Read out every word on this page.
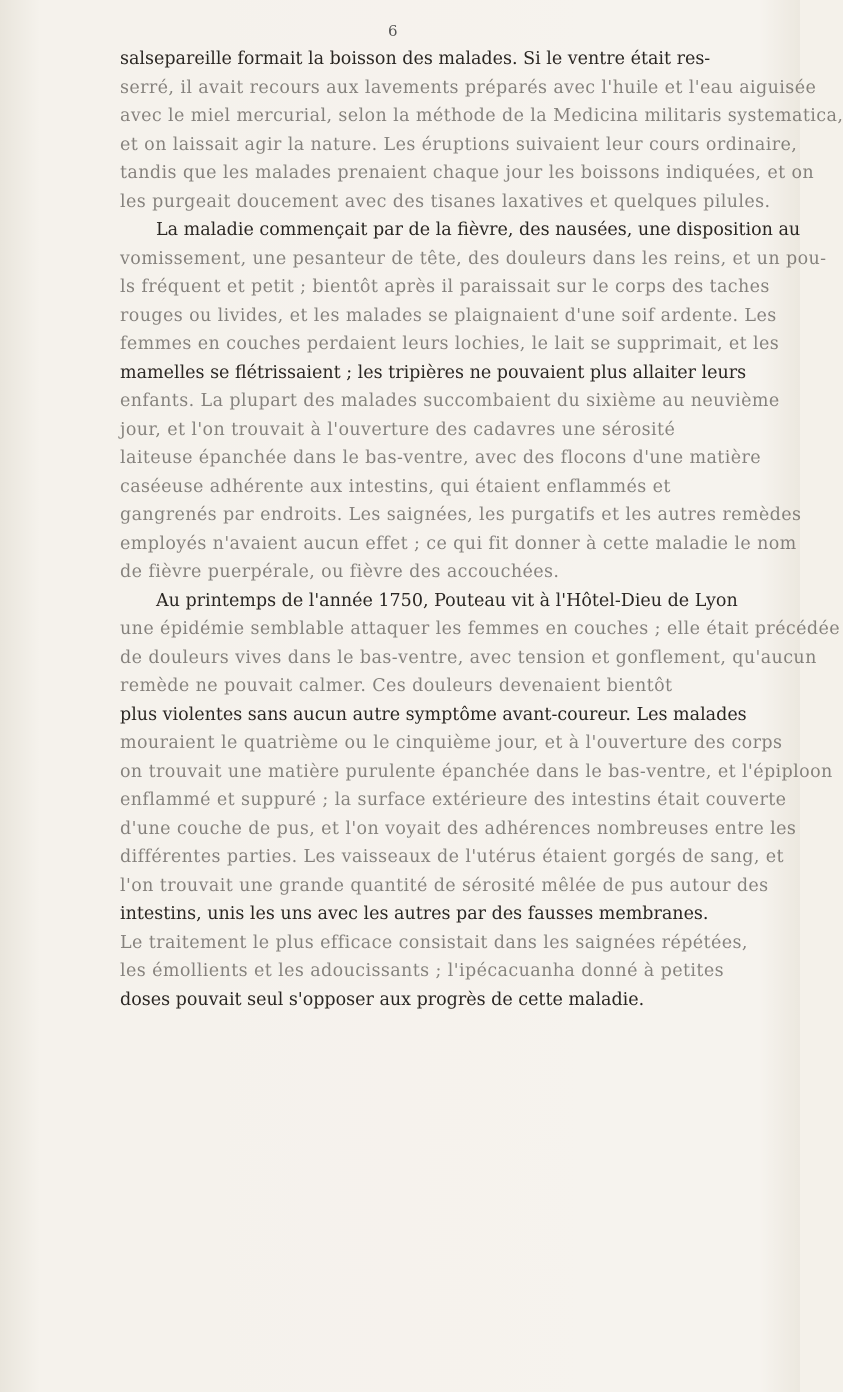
6

salsepareille formait la boisson des malades. Si le ventre était res-
serré, il avait recours aux lavements préparés avec l'huile et l'eau aiguisée
avec le miel mercurial, selon la méthode de la Medicina militaris systematica,
et on laissait agir la nature. Les éruptions suivaient leur cours ordinaire,
tandis que les malades prenaient chaque jour les boissons indiquées, et on
les purgeait doucement avec des tisanes laxatives et quelques pilules.

La maladie commençait par de la fièvre, des nausées, une disposition au
vomissement, une pesanteur de tête, des douleurs dans les reins, et un pou-
ls fréquent et petit ; bientôt après il paraissait sur le corps des taches
rouges ou livides, et les malades se plaignaient d'une soif ardente. Les
femmes en couches perdaient leurs lochies, le lait se supprimait, et les
mamelles se flétrissaient ; les tripières ne pouvaient plus allaiter leurs
enfants. La plupart des malades succombaient du sixième au neuvième
jour, et l'on trouvait à l'ouverture des cadavres une sérosité
laiteuse épanchée dans le bas-ventre, avec des flocons d'une matière
caséeuse adhérente aux intestins, qui étaient enflammés et
gangrenés par endroits. Les saignées, les purgatifs et les autres remèdes
employés n'avaient aucun effet ; ce qui fit donner à cette maladie le nom
de fièvre puerpérale, ou fièvre des accouchées.

Au printemps de l'année 1750, Pouteau vit à l'Hôtel-Dieu de Lyon
une épidémie semblable attaquer les femmes en couches ; elle était précédée
de douleurs vives dans le bas-ventre, avec tension et gonflement, qu'aucun
remède ne pouvait calmer. Ces douleurs devenaient bientôt
plus violentes sans aucun autre symptôme avant-coureur. Les malades
mouraient le quatrième ou le cinquième jour, et à l'ouverture des corps
on trouvait une matière purulente épanchée dans le bas-ventre, et l'épiploon
enflammé et suppuré ; la surface extérieure des intestins était couverte
d'une couche de pus, et l'on voyait des adhérences nombreuses entre les
différentes parties. Les vaisseaux de l'utérus étaient gorgés de sang, et
l'on trouvait une grande quantité de sérosité mêlée de pus autour des
intestins, unis les uns avec les autres par des fausses membranes.
Le traitement le plus efficace consistait dans les saignées répétées,
les émollients et les adoucissants ; l'ipécacuanha donné à petites
doses pouvait seul s'opposer aux progrès de cette maladie.
